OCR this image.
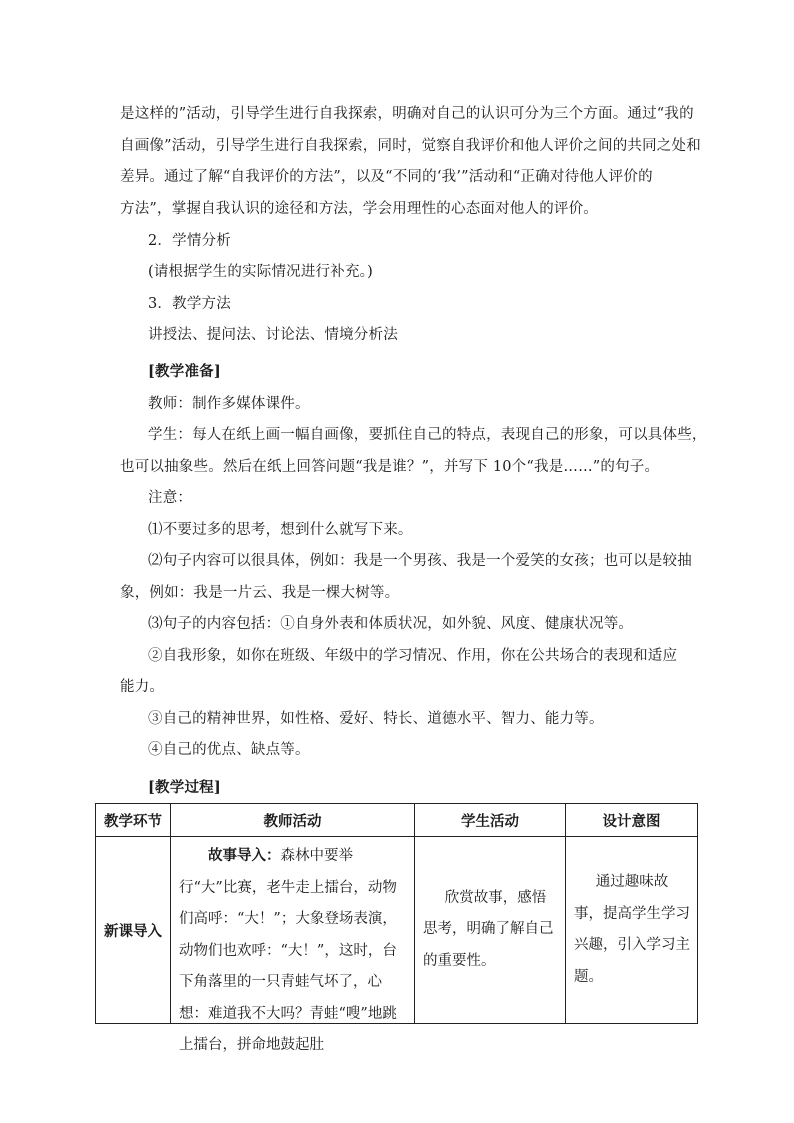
是这样的”活动，引导学生进行自我探索，明确对自己的认识可分为三个方面。通过“我的
自画像”活动，引导学生进行自我探索，同时，觉察自我评价和他人评价之间的共同之处和
差异。通过了解“自我评价的方法”，以及“不同的‘我’”活动和“正确对待他人评价的
方法”，掌握自我认识的途径和方法，学会用理性的心态面对他人的评价。
2．学情分析
(请根据学生的实际情况进行补充。)
3．教学方法
讲授法、提问法、讨论法、情境分析法
[教学准备]
教师：制作多媒体课件。
学生：每人在纸上画一幅自画像，要抓住自己的特点，表现自己的形象，可以具体些，
也可以抽象些。然后在纸上回答问题“我是谁？”，并写下 10个“我是……”的句子。
注意：
⑴不要过多的思考，想到什么就写下来。
⑵句子内容可以很具体，例如：我是一个男孩、我是一个爱笑的女孩；也可以是较抽
象，例如：我是一片云、我是一棵大树等。
⑶句子的内容包括：①自身外表和体质状况，如外貌、风度、健康状况等。
②自我形象，如你在班级、年级中的学习情况、作用，你在公共场合的表现和适应
能力。
③自己的精神世界，如性格、爱好、特长、道德水平、智力、能力等。
④自己的优点、缺点等。
[教学过程]
教学环节	教师活动	学生活动	设计意图
新课导入	故事导入：森林中要举行“大”比赛，老牛走上擂台，动物们高呼：“大！”；大象登场表演，动物们也欢呼：“大！”，这时，台下角落里的一只青蛙气坏了，心想：难道我不大吗？青蛙“嗖”地跳上擂台，拼命地鼓起肚	欣赏故事，感悟思考，明确了解自己的重要性。	通过趣味故事，提高学生学习兴趣，引入学习主题。
